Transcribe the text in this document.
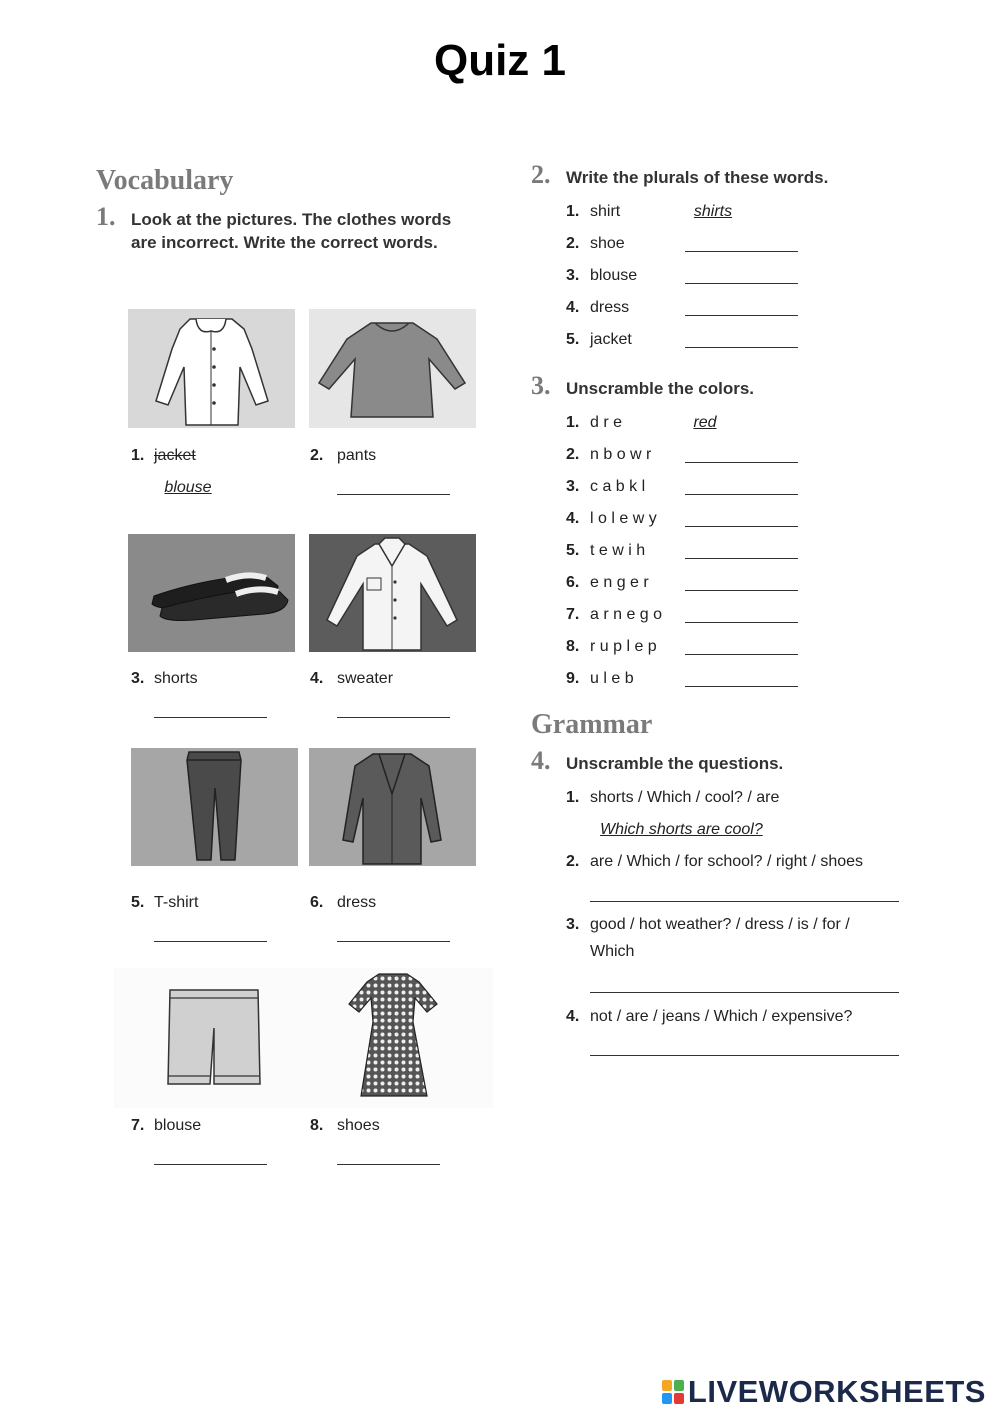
Quiz 1
Vocabulary
1. Look at the pictures. The clothes words are incorrect. Write the correct words.
1. jacket
blouse
2. pants
3. shorts	4. sweater
5. T-shirt	6. dress
7. blouse	8. shoes
2. Write the plurals of these words.
1. shirt	shirts
2. shoe
3. blouse
4. dress
5. jacket
3. Unscramble the colors.
1. d r e	red
2. n b o w r
3. c a b k l
4. l o l e w y
5. t e w i h
6. e n g e r
7. a r n e g o
8. r u p l e p
9. u l e b
Grammar
4. Unscramble the questions.
1. shorts / Which / cool? / are
Which shorts are cool?
2. are / Which / for school? / right / shoes
3. good / hot weather? / dress / is / for /
Which
4. not / are / jeans / Which / expensive?
LIVEWORKSHEETS
